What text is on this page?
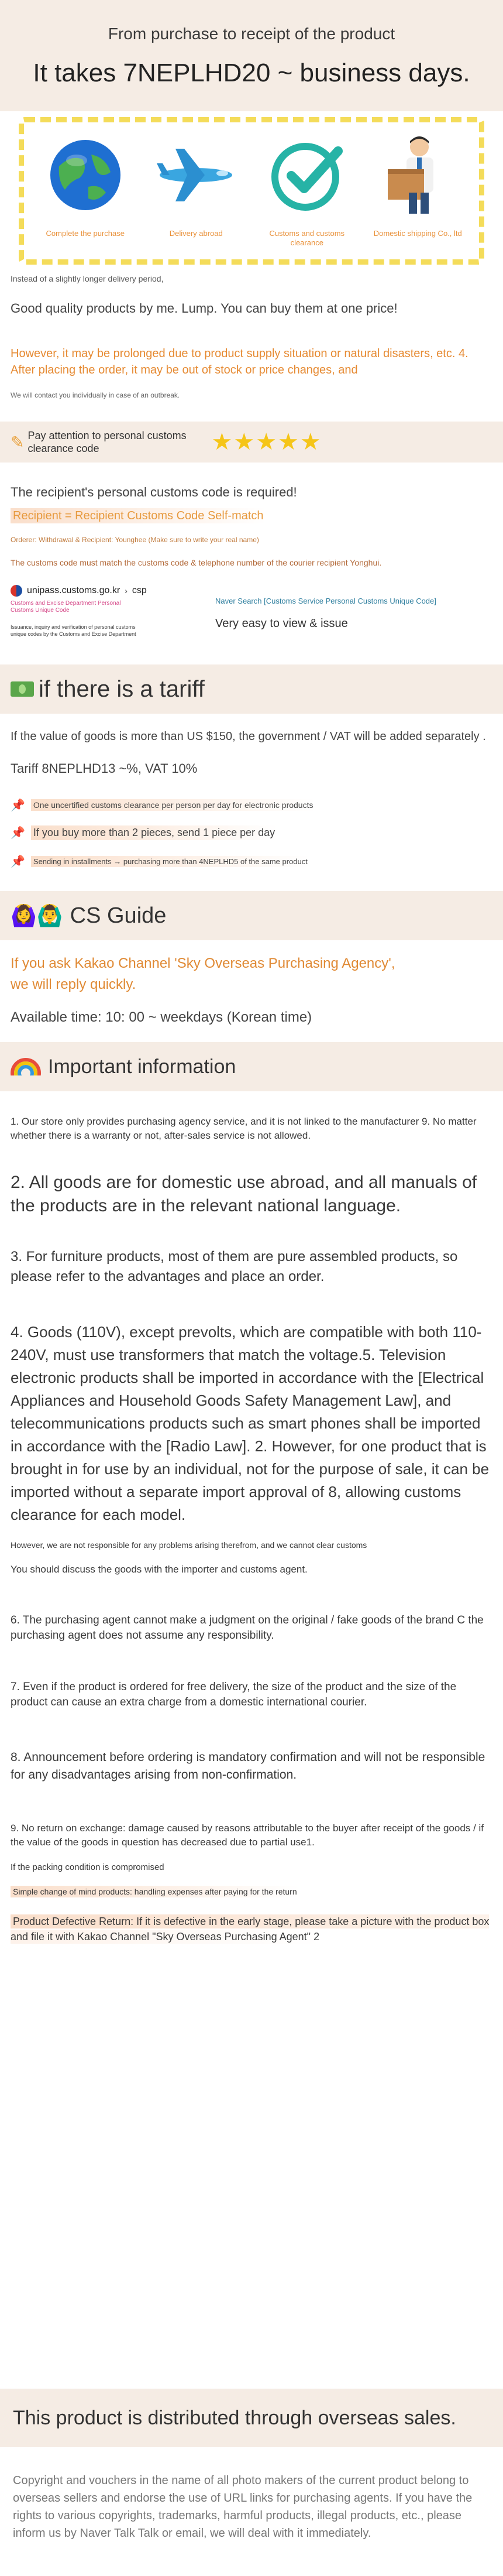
From purchase to receipt of the product
It takes 7NEPLHD20 ~ business days.
Complete the purchase	Delivery abroad	Customs and customs clearance
Domestic shipping Co., ltd
Instead of a slightly longer delivery period,
Good quality products by me. Lump. You can buy them at one price!
However, it may be prolonged due to product supply situation or natural disasters, etc. 4. After placing the order, it may be out of stock or price changes, and
We will contact you individually in case of an outbreak.
✎ Pay attention to personal customs clearance code	★★★★★
The recipient's personal customs code is required!
Recipient = Recipient Customs Code Self-match
Orderer: Withdrawal & Recipient: Younghee (Make sure to write your real name)
The customs code must match the customs code & telephone number of the courier recipient Yonghui.
unipass.customs.go.kr › csp
Customs and Excise Department Personal Customs Unique Code
Issuance, inquiry and verification of personal customs unique codes by the Customs and Excise Department
Naver Search [Customs Service Personal Customs Unique Code]
Very easy to view & issue
if there is a tariff
If the value of goods is more than US $150, the government / VAT will be added separately .
Tariff 8NEPLHD13 ~%, VAT 10%
📌 One uncertified customs clearance per person per day for electronic products
📌 If you buy more than 2 pieces, send 1 piece per day
📌	Sending in installments → purchasing more than 4NEPLHD5 of the same product
🙆‍♀️🙆‍♂️ CS Guide
If you ask Kakao Channel 'Sky Overseas Purchasing Agency', we will reply quickly.
Available time: 10: 00 ~ weekdays (Korean time)
Important information

1. Our store only provides purchasing agency service, and it is not linked to the manufacturer 9. No matter whether there is a warranty or not, after-sales service is not allowed.

2. All goods are for domestic use abroad, and all manuals of the products are in the relevant national language.

3. For furniture products, most of them are pure assembled products, so please refer to the advantages and place an order.

4. Goods (110V), except prevolts, which are compatible with both 110-240V, must use transformers that match the voltage.5. Television electronic products shall be imported in accordance with the [Electrical Appliances and Household Goods Safety Management Law], and telecommunications products such as smart phones shall be imported in accordance with the [Radio Law]. 2. However, for one product that is brought in for use by an individual, not for the purpose of sale, it can be imported without a separate import approval of 8, allowing customs clearance for each model.

However, we are not responsible for any problems arising therefrom, and we cannot clear customs

You should discuss the goods with the importer and customs agent.

6. The purchasing agent cannot make a judgment on the original / fake goods of the brand C the purchasing agent does not assume any responsibility.

7. Even if the product is ordered for free delivery, the size of the product and the size of the product can cause an extra charge from a domestic international courier.

8. Announcement before ordering is mandatory confirmation and will not be responsible for any disadvantages arising from non-confirmation.

9. No return on exchange: damage caused by reasons attributable to the buyer after receipt of the goods / if the value of the goods in question has decreased due to partial use1.

If the packing condition is compromised

Simple change of mind products: handling expenses after paying for the return

Product Defective Return: If it is defective in the early stage, please take a picture with the product box and file it with Kakao Channel "Sky Overseas Purchasing Agent" 2

This product is distributed through overseas sales.
Copyright and vouchers in the name of all photo makers of the current product belong to overseas sellers and endorse the use of URL links for purchasing agents. If you have the rights to various copyrights, trademarks, harmful products, illegal products, etc., please inform us by Naver Talk Talk or email, we will deal with it immediately.
